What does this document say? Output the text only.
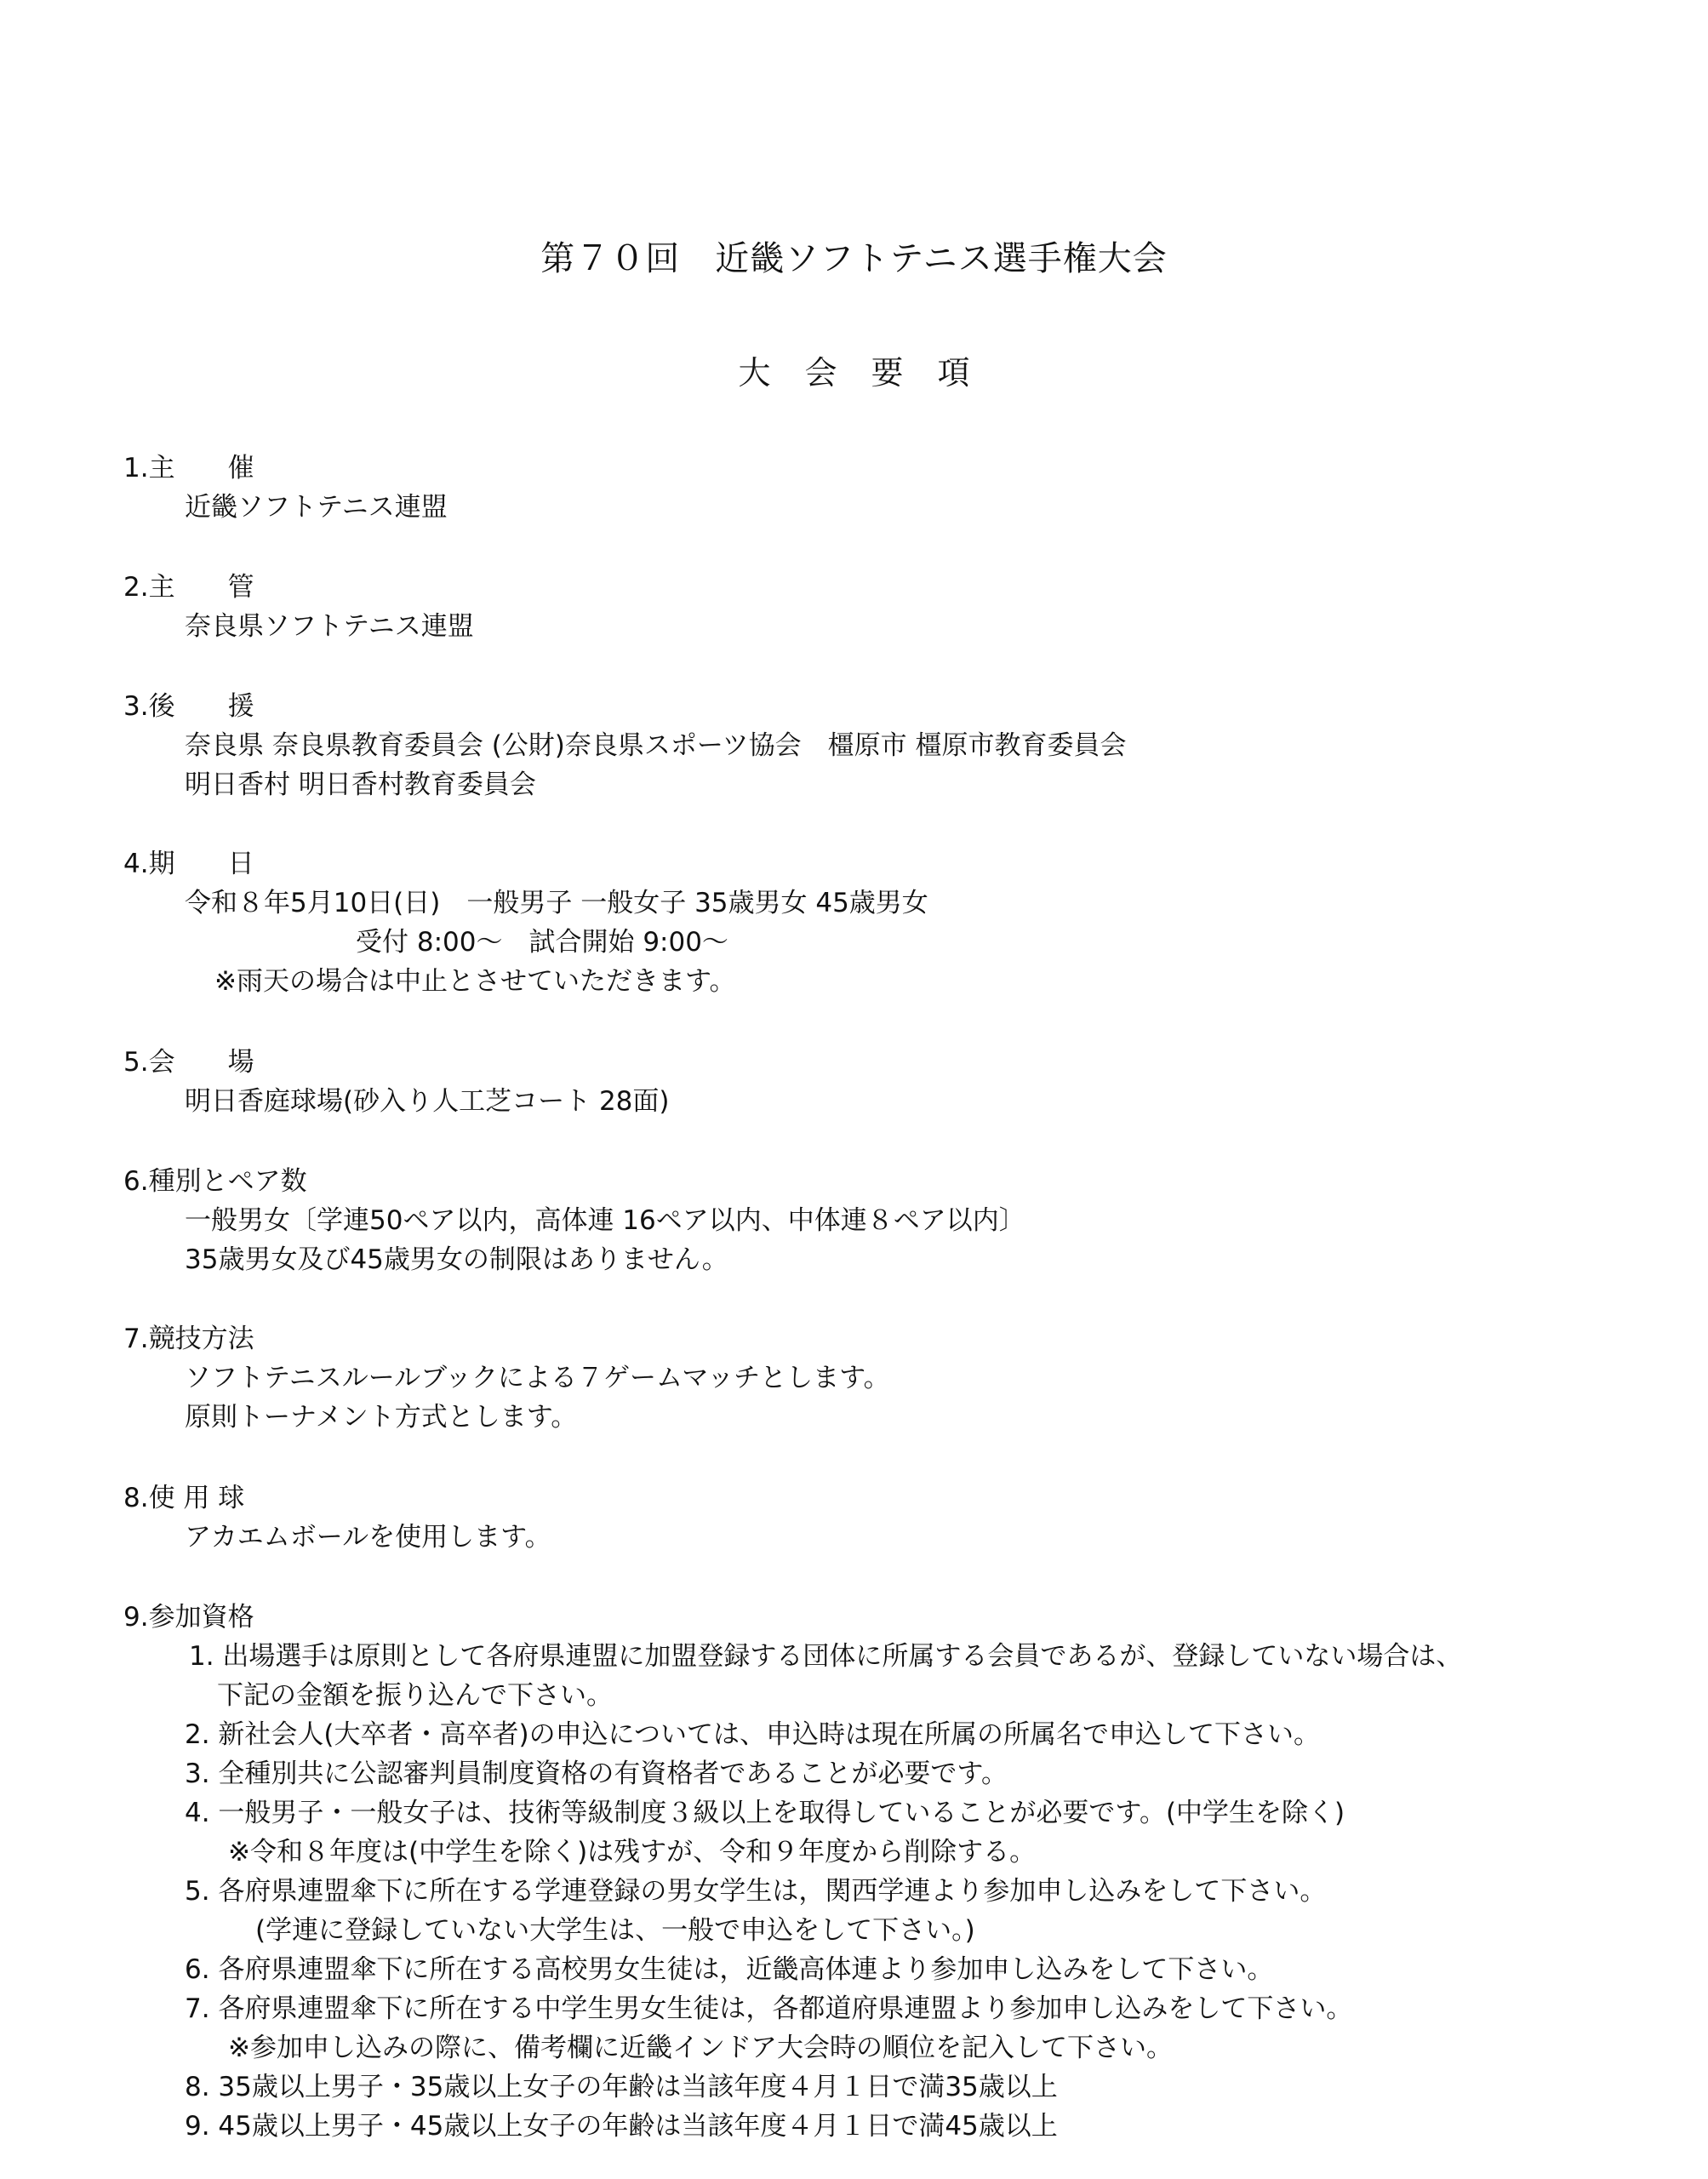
第７０回　近畿ソフトテニス選手権大会
大会要項
1.主　　催
近畿ソフトテニス連盟
2.主　　管
奈良県ソフトテニス連盟
3.後　　援
奈良県 奈良県教育委員会 (公財)奈良県スポーツ協会　橿原市 橿原市教育委員会
明日香村 明日香村教育委員会
4.期　　日
令和８年5月10日(日)　一般男子 一般女子 35歳男女 45歳男女
受付 8:00～　試合開始 9:00～
※雨天の場合は中止とさせていただきます。
5.会　　場
明日香庭球場(砂入り人工芝コート 28面)
6.種別とペア数
一般男女〔学連50ペア以内，高体連 16ペア以内、中体連８ペア以内〕
35歳男女及び45歳男女の制限はありません。
7.競技方法
ソフトテニスルールブックによる７ゲームマッチとします。
原則トーナメント方式とします。
8.使 用 球
アカエムボールを使用します。
9.参加資格
1. 出場選手は原則として各府県連盟に加盟登録する団体に所属する会員であるが、登録していない場合は、
下記の金額を振り込んで下さい。
2. 新社会人(大卒者・高卒者)の申込については、申込時は現在所属の所属名で申込して下さい。
3. 全種別共に公認審判員制度資格の有資格者であることが必要です。
4. 一般男子・一般女子は、技術等級制度３級以上を取得していることが必要です。(中学生を除く)
※令和８年度は(中学生を除く)は残すが、令和９年度から削除する。
5. 各府県連盟傘下に所在する学連登録の男女学生は，関西学連より参加申し込みをして下さい。
(学連に登録していない大学生は、一般で申込をして下さい。)
6. 各府県連盟傘下に所在する高校男女生徒は，近畿高体連より参加申し込みをして下さい。
7. 各府県連盟傘下に所在する中学生男女生徒は，各都道府県連盟より参加申し込みをして下さい。
※参加申し込みの際に、備考欄に近畿インドア大会時の順位を記入して下さい。
8. 35歳以上男子・35歳以上女子の年齢は当該年度４月１日で満35歳以上
9. 45歳以上男子・45歳以上女子の年齢は当該年度４月１日で満45歳以上
